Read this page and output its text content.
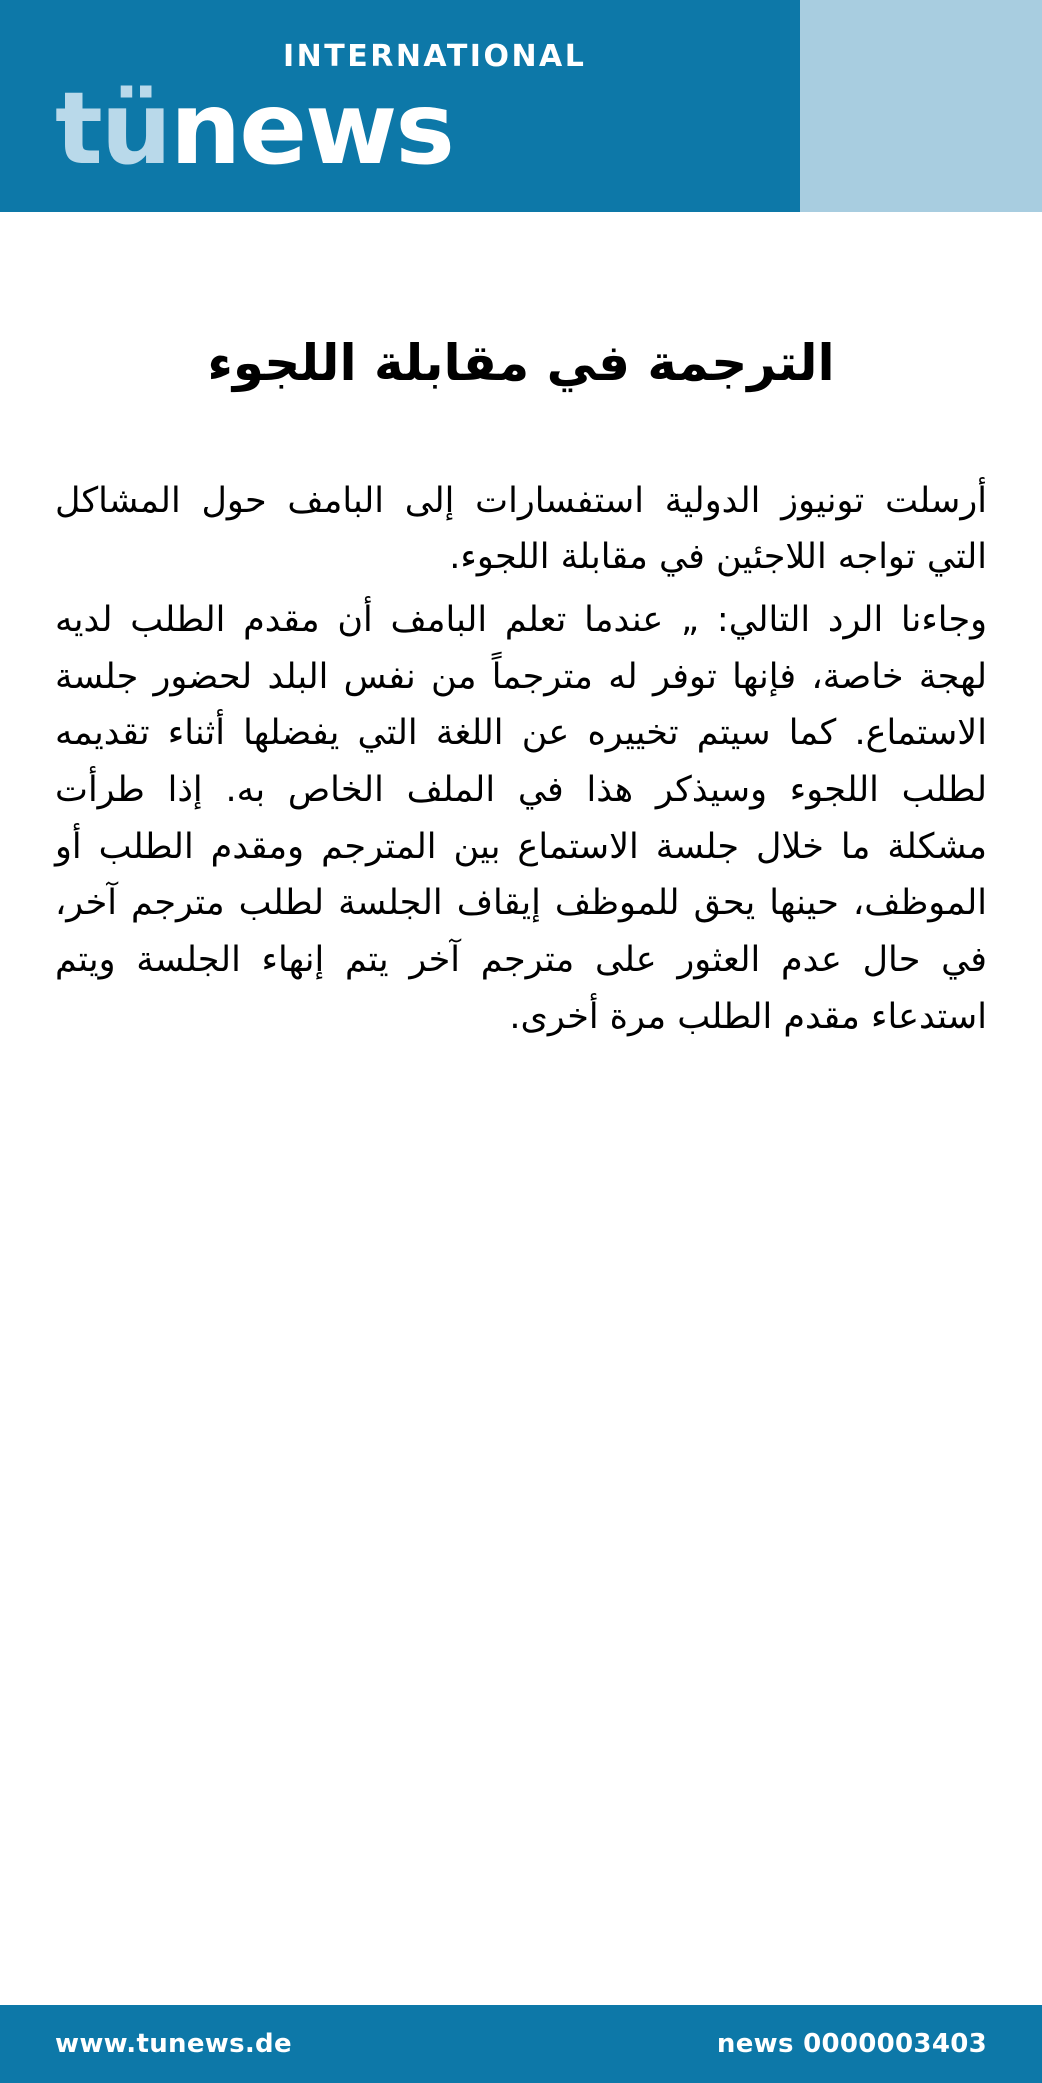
INTERNATIONAL
tünews
الترجمة في مقابلة اللجوء

أرسلت تونيوز الدولية استفسارات إلى البامف حول المشاكل التي تواجه اللاجئين في مقابلة اللجوء.

وجاءنا الرد التالي: „ عندما تعلم البامف أن مقدم الطلب لديه لهجة خاصة، فإنها توفر له مترجماً من نفس البلد لحضور جلسة الاستماع. كما سيتم تخييره عن اللغة التي يفضلها أثناء تقديمه لطلب اللجوء وسيذكر هذا في الملف الخاص به. إذا طرأت مشكلة ما خلال جلسة الاستماع بين المترجم ومقدم الطلب أو الموظف، حينها يحق للموظف إيقاف الجلسة لطلب مترجم آخر، في حال عدم العثور على مترجم آخر يتم إنهاء الجلسة ويتم استدعاء مقدم الطلب مرة أخرى.

www.tunews.de	news 0000003403
